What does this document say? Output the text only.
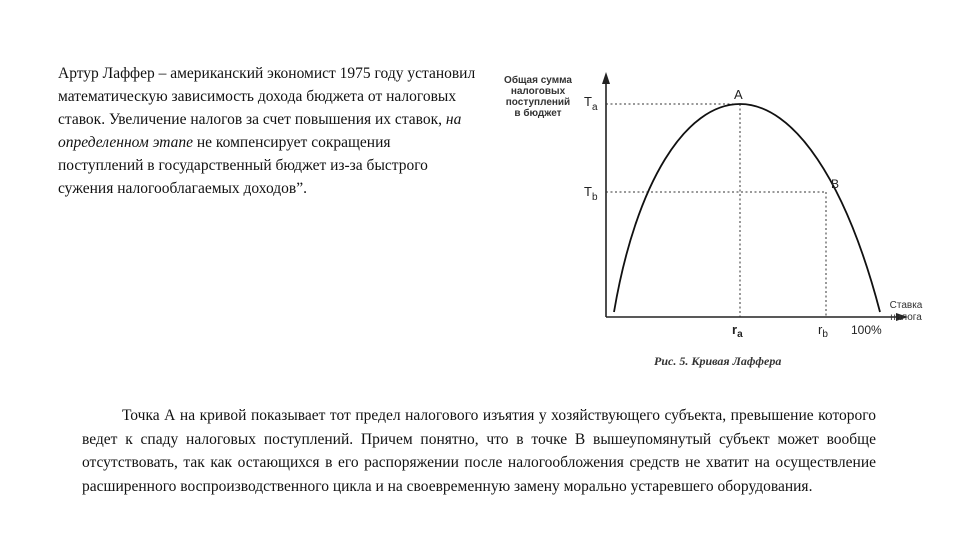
Артур Лаффер – американский экономист 1975 году установил математическую зависимость дохода бюджета от налоговых ставок. Увеличение налогов за счет повышения их ставок, на определенном этапе не компенсирует сокращения поступлений в государственный бюджет из-за быстрого сужения налогооблагаемых доходов”.

Общая сумма
налоговых
поступлений
в бюджет
$T_a$
$T_b$
A
B
$r_a$	$r_b$ 100%
Ставка
налога

Рис. 5. Кривая Лаффера

Точка А на кривой показывает тот предел налогового изъятия у хозяйствующего субъекта, превышение которого ведет к спаду налоговых поступлений. Причем понятно, что в точке В вышеупомянутый субъект может вообще отсутствовать, так как остающихся в его распоряжении после налогообложения средств не хватит на осуществление расширенного воспроизводственного цикла и на своевременную замену морально устаревшего оборудования.
